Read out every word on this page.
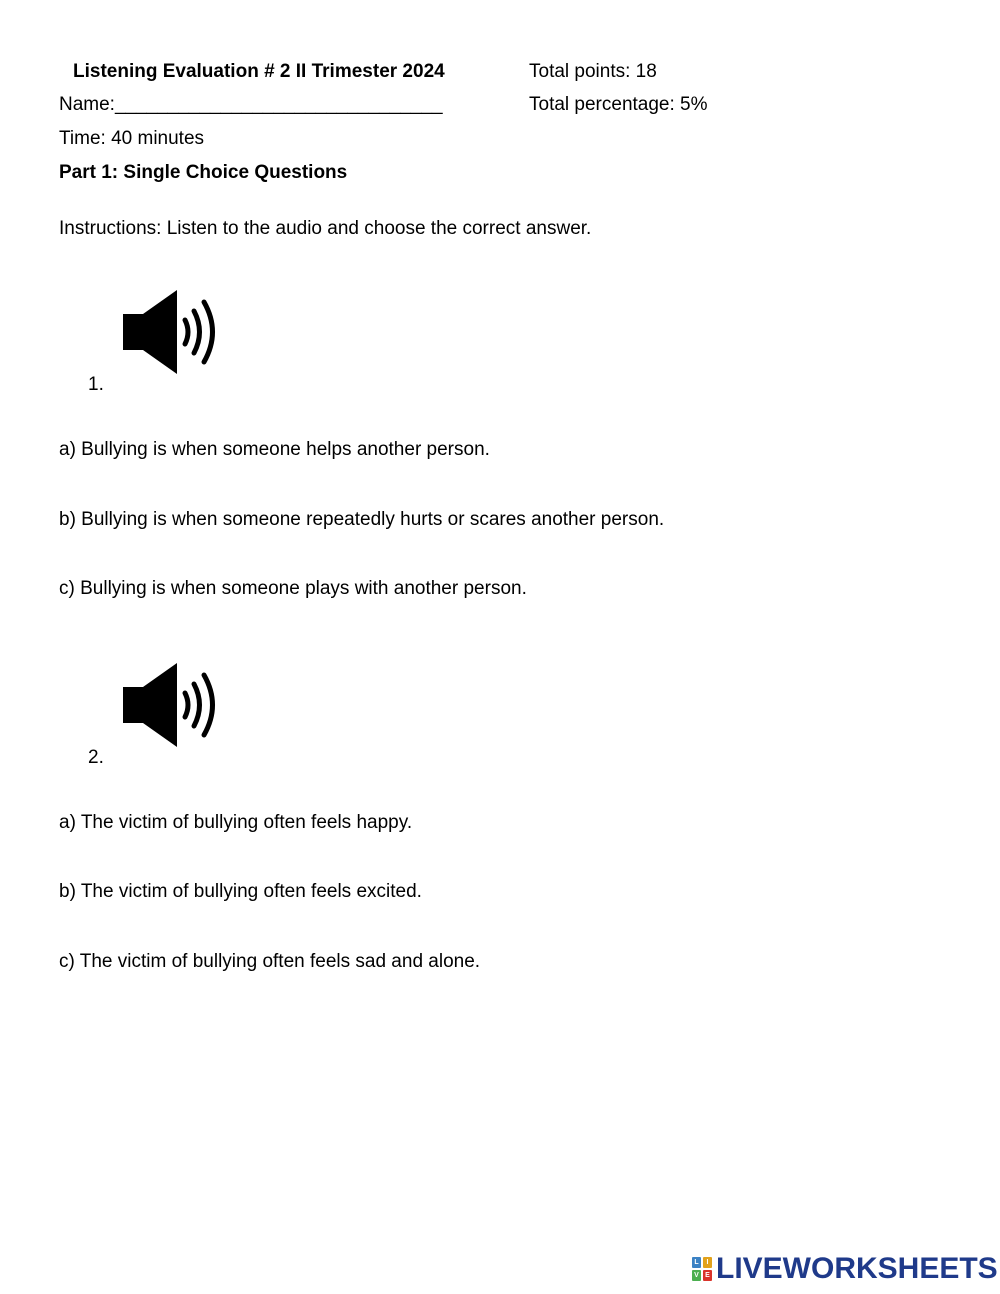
Listening Evaluation # 2 II Trimester 2024	Total points: 18
Name:_______________________________	Total percentage: 5%
Time: 40 minutes
Part 1: Single Choice Questions
Instructions: Listen to the audio and choose the correct answer.
1.
a) Bullying is when someone helps another person.
b) Bullying is when someone repeatedly hurts or scares another person.
c) Bullying is when someone plays with another person.
2.
a) The victim of bullying often feels happy.
b) The victim of bullying often feels excited.
c) The victim of bullying often feels sad and alone.
L	I
V E LIVEWORKSHEETS
